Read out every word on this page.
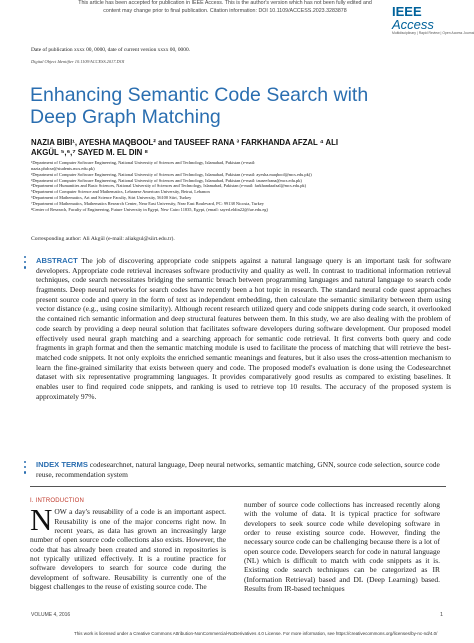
This article has been accepted for publication in IEEE Access. This is the author's version which has not been fully edited and
content may change prior to final publication. Citation information: DOI 10.1109/ACCESS.2023.3283878	IEEE Access
Multidisciplinary | Rapid Review | Open Access Journal
Date of publication xxxx 00, 0000, date of current version xxxx 00, 0000.
Digital Object Identifier 10.1109/ACCESS.2017.DOI
Enhancing Semantic Code Search with
Deep Graph Matching
NAZIA BIBI¹, AYESHA MAQBOOL² and TAUSEEF RANA ³ FARKHANDA AFZAL ⁴ ALI
AKGÜL ⁵,⁶,⁷ SAYED M. EL DIN ⁸
¹Department of Computer Software Engineering, National University of Sciences and Technology, Islamabad, Pakistan (e-mail:
nazia.phdcse@students.mcs.edu.pk)
²Department of Computer Software Engineering, National University of Sciences and Technology, Islamabad, Pakistan (e-mail: ayesha.maqbool@mcs.edu.pk))
³Department of Computer Software Engineering, National University of Sciences and Technology, Islamabad, Pakistan (e-mail: tauseefrana@mcs.edu.pk)
⁴Department of Humanities and Basic Sciences, National University of Sciences and Technology, Islamabad, Pakistan (e-mail: farkhandaafzal@mcs.edu.pk)
⁵Department of Computer Science and Mathematics, Lebanese American University, Beirut, Lebanon
⁶Department of Mathematics, Art and Science Faculty, Siirt University, 56100 Siirt, Turkey
⁷Department of Mathematics, Mathematics Research Center, Near East University, Near East Boulevard, PC: 99138 Nicosia, Turkey
⁸Center of Research, Faculty of Engineering, Future University in Egypt, New Cairo 11835, Egypt, (email: sayed.eldin22@fue.edu.eg)
Corresponding author: Ali Akgül (e-mail: aliakgul@siirt.edu.tr).
ABSTRACT The job of discovering appropriate code snippets against a natural language query is an important task for software developers. Appropriate code retrieval increases software productivity and quality as well. In contrast to traditional information retrieval techniques, code search necessitates bridging the semantic breach between programming languages and natural language to search code fragments. Deep neural networks for search codes have recently been a hot topic in research. The standard neural code quest approaches present source code and query in the form of text as independent embedding, then calculate the semantic similarity between them using vector distance (e.g., using cosine similarity). Although recent research utilized query and code snippets during code search, it overlooked the contained rich semantic information and deep structural features between them. In this study, we are also dealing with the problem of code search by providing a deep neural solution that facilitates software developers during software development. Our proposed model effectively used neural graph matching and a searching approach for semantic code retrieval. It first converts both query and code fragments in graph format and then the semantic matching module is used to facilitate the process of matching that will retrieve the best-matched code snippets. It not only exploits the enriched semantic meanings and features, but it also uses the cross-attention mechanism to learn the fine-grained similarity that exists between query and code. The proposed model's evaluation is done using the Codesearchnet dataset with six representative programming languages. It provides comparatively good results as compared to existing baselines. It enables user to find required code snippets, and ranking is used to retrieve top 10 results. The accuracy of the proposed system is approximately 97%.
INDEX TERMS codesearchnet, natural language, Deep neural networks, semantic matching, GNN, source code selection, source code reuse, recommendation system
I. INTRODUCTION
N OW a day's reusability of a code is an important aspect. Reusability is one of the major concerns right now. In recent years, as data has grown an increasingly large number of open source code collections also exists. However, the code that has already been created and stored in repositories is not typically utilized effectively. It is a routine practice for software developers to search for source code during the development of software. Reusability is currently one of the biggest challenges to the reuse of existing source code. The
number of source code collections has increased recently along with the volume of data. It is typical practice for software developers to seek source code while developing software in order to reuse existing source code. However, finding the necessary source code can be challenging because there is a lot of open source code. Developers search for code in natural language (NL) which is difficult to match with code snippets as it is. Existing code search techniques can be categorized as IR (Information Retrieval) based and DL (Deep Learning) based. Results from IR-based techniques
VOLUME 4, 2016	1
This work is licensed under a Creative Commons Attribution-NonCommercial-NoDerivatives 4.0 License. For more information, see https://creativecommons.org/licenses/by-nc-nd/4.0/
